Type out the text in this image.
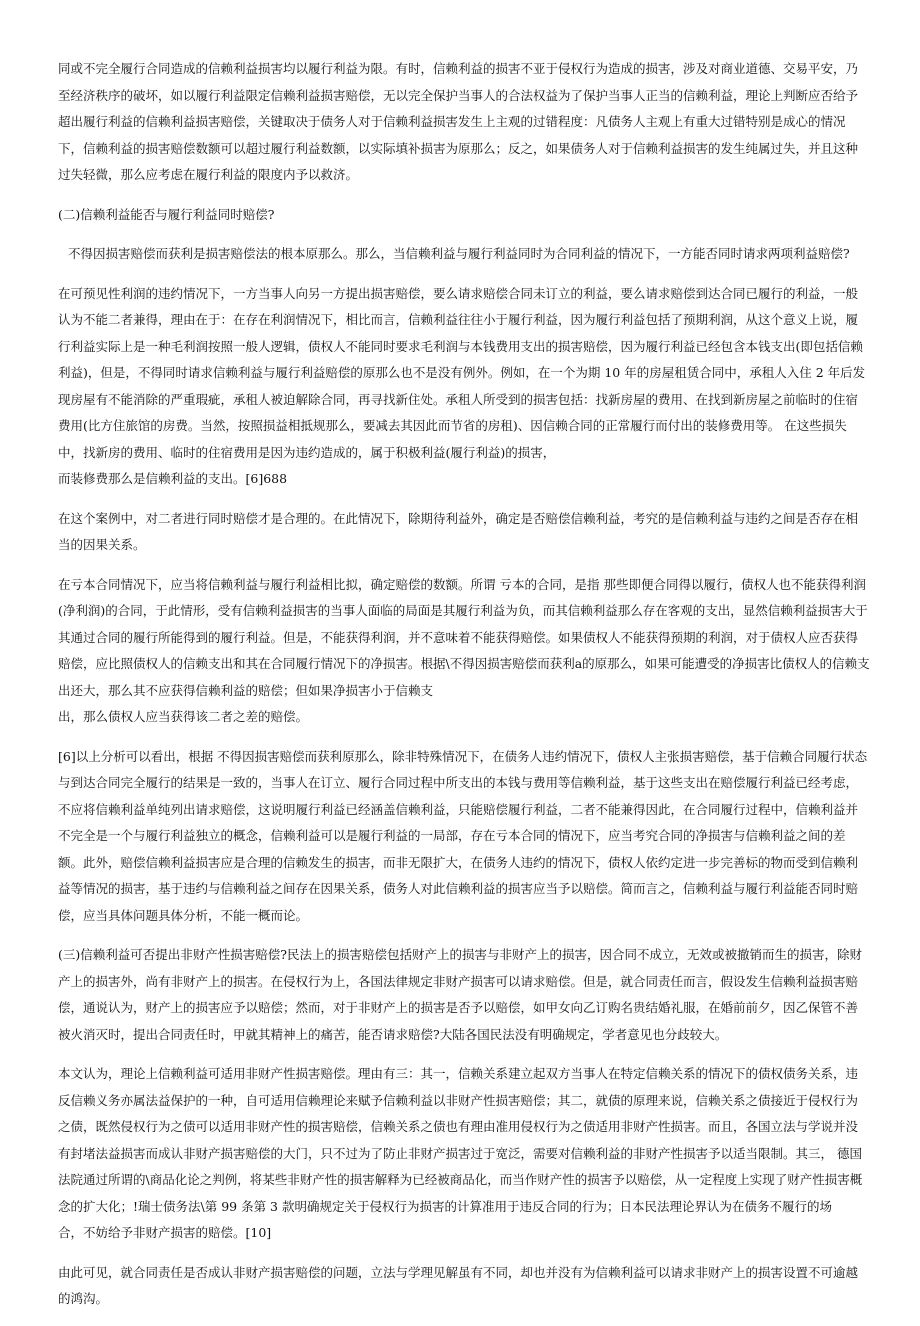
同或不完全履行合同造成的信赖利益损害均以履行利益为限。有时，信赖利益的损害不亚于侵权行为造成的损害，涉及对商业道德、交易平安，乃至经济秩序的破坏，如以履行利益限定信赖利益损害赔偿，无以完全保护当事人的合法权益为了保护当事人正当的信赖利益，理论上判断应否给予超出履行利益的信赖利益损害赔偿，关键取决于债务人对于信赖利益损害发生上主观的过错程度：凡债务人主观上有重大过错特别是成心的情况下，信赖利益的损害赔偿数额可以超过履行利益数额，以实际填补损害为原那么；反之，如果债务人对于信赖利益损害的发生纯属过失，并且这种过失轻微，那么应考虑在履行利益的限度内予以救济。
(二)信赖利益能否与履行利益同时赔偿?
不得因损害赔偿而获利是损害赔偿法的根本原那么。那么，当信赖利益与履行利益同时为合同利益的情况下，一方能否同时请求两项利益赔偿?
在可预见性利润的违约情况下，一方当事人向另一方提出损害赔偿，要么请求赔偿合同未订立的利益，要么请求赔偿到达合同已履行的利益，一般认为不能二者兼得，理由在于：在存在利润情况下，相比而言，信赖利益往往小于履行利益，因为履行利益包括了预期利润，从这个意义上说，履行利益实际上是一种毛利润按照一般人逻辑，债权人不能同时要求毛利润与本钱费用支出的损害赔偿，因为履行利益已经包含本钱支出(即包括信赖利益)，但是，不得同时请求信赖利益与履行利益赔偿的原那么也不是没有例外。例如，在一个为期 10 年的房屋租赁合同中，承租人入住 2 年后发现房屋有不能消除的严重瑕疵，承租人被迫解除合同，再寻找新住处。承租人所受到的损害包括：找新房屋的费用、在找到新房屋之前临时的住宿费用(比方住旅馆的房费。当然，按照损益相抵规那么，要减去其因此而节省的房租)、因信赖合同的正常履行而付出的装修费用等。 在这些损失中，找新房的费用、临时的住宿费用是因为违约造成的，属于积极利益(履行利益)的损害，
而装修费那么是信赖利益的支出。[6]688
在这个案例中，对二者进行同时赔偿才是合理的。在此情况下，除期待利益外，确定是否赔偿信赖利益，考究的是信赖利益与违约之间是否存在相当的因果关系。
在亏本合同情况下，应当将信赖利益与履行利益相比拟，确定赔偿的数额。所谓 亏本的合同，是指 那些即便合同得以履行，债权人也不能获得利润(净利润)的合同，于此情形，受有信赖利益损害的当事人面临的局面是其履行利益为负，而其信赖利益那么存在客观的支出，显然信赖利益损害大于其通过合同的履行所能得到的履行利益。但是，不能获得利润，并不意味着不能获得赔偿。如果债权人不能获得预期的利润，对于债权人应否获得赔偿，应比照债权人的信赖支出和其在合同履行情况下的净损害。根据\不得因损害赔偿而获利a的原那么，如果可能遭受的净损害比债权人的信赖支出还大，那么其不应获得信赖利益的赔偿；但如果净损害小于信赖支
出，那么债权人应当获得该二者之差的赔偿。
[6]以上分析可以看出，根据 不得因损害赔偿而获利原那么，除非特殊情况下，在债务人违约情况下，债权人主张损害赔偿，基于信赖合同履行状态与到达合同完全履行的结果是一致的，当事人在订立、履行合同过程中所支出的本钱与费用等信赖利益，基于这些支出在赔偿履行利益已经考虑，不应将信赖利益单纯列出请求赔偿，这说明履行利益已经涵盖信赖利益，只能赔偿履行利益，二者不能兼得因此，在合同履行过程中，信赖利益并不完全是一个与履行利益独立的概念，信赖利益可以是履行利益的一局部，存在亏本合同的情况下，应当考究合同的净损害与信赖利益之间的差额。此外，赔偿信赖利益损害应是合理的信赖发生的损害，而非无限扩大，在债务人违约的情况下，债权人依约定进一步完善标的物而受到信赖利益等情况的损害，基于违约与信赖利益之间存在因果关系，债务人对此信赖利益的损害应当予以赔偿。简而言之，信赖利益与履行利益能否同时赔偿，应当具体问题具体分析，不能一概而论。
(三)信赖利益可否提出非财产性损害赔偿?民法上的损害赔偿包括财产上的损害与非财产上的损害，因合同不成立，无效或被撤销而生的损害，除财产上的损害外，尚有非财产上的损害。在侵权行为上，各国法律规定非财产损害可以请求赔偿。但是，就合同责任而言，假设发生信赖利益损害赔偿，通说认为，财产上的损害应予以赔偿；然而，对于非财产上的损害是否予以赔偿，如甲女向乙订购名贵结婚礼服，在婚前前夕，因乙保管不善被火消灭时，提出合同责任时，甲就其精神上的痛苦，能否请求赔偿?大陆各国民法没有明确规定，学者意见也分歧较大。
本文认为，理论上信赖利益可适用非财产性损害赔偿。理由有三：其一，信赖关系建立起双方当事人在特定信赖关系的情况下的债权债务关系，违反信赖义务亦属法益保护的一种，自可适用信赖理论来赋予信赖利益以非财产性损害赔偿；其二，就债的原理来说，信赖关系之债接近于侵权行为之债，既然侵权行为之债可以适用非财产性的损害赔偿，信赖关系之债也有理由准用侵权行为之债适用非财产性损害。而且，各国立法与学说并没有封堵法益损害而成认非财产损害赔偿的大门，只不过为了防止非财产损害过于宽泛，需要对信赖利益的非财产性损害予以适当限制。其三， 德国法院通过所谓的\商品化论之判例，将某些非财产性的损害解释为已经被商品化，而当作财产性的损害予以赔偿，从一定程度上实现了财产性损害概念的扩大化；!瑞士债务法\第 99 条第 3 款明确规定关于侵权行为损害的计算准用于违反合同的行为；日本民法理论界认为在债务不履行的场
合，不妨给予非财产损害的赔偿。[10]
由此可见，就合同责任是否成认非财产损害赔偿的问题，立法与学理见解虽有不同，却也并没有为信赖利益可以请求非财产上的损害设置不可逾越的鸿沟。
